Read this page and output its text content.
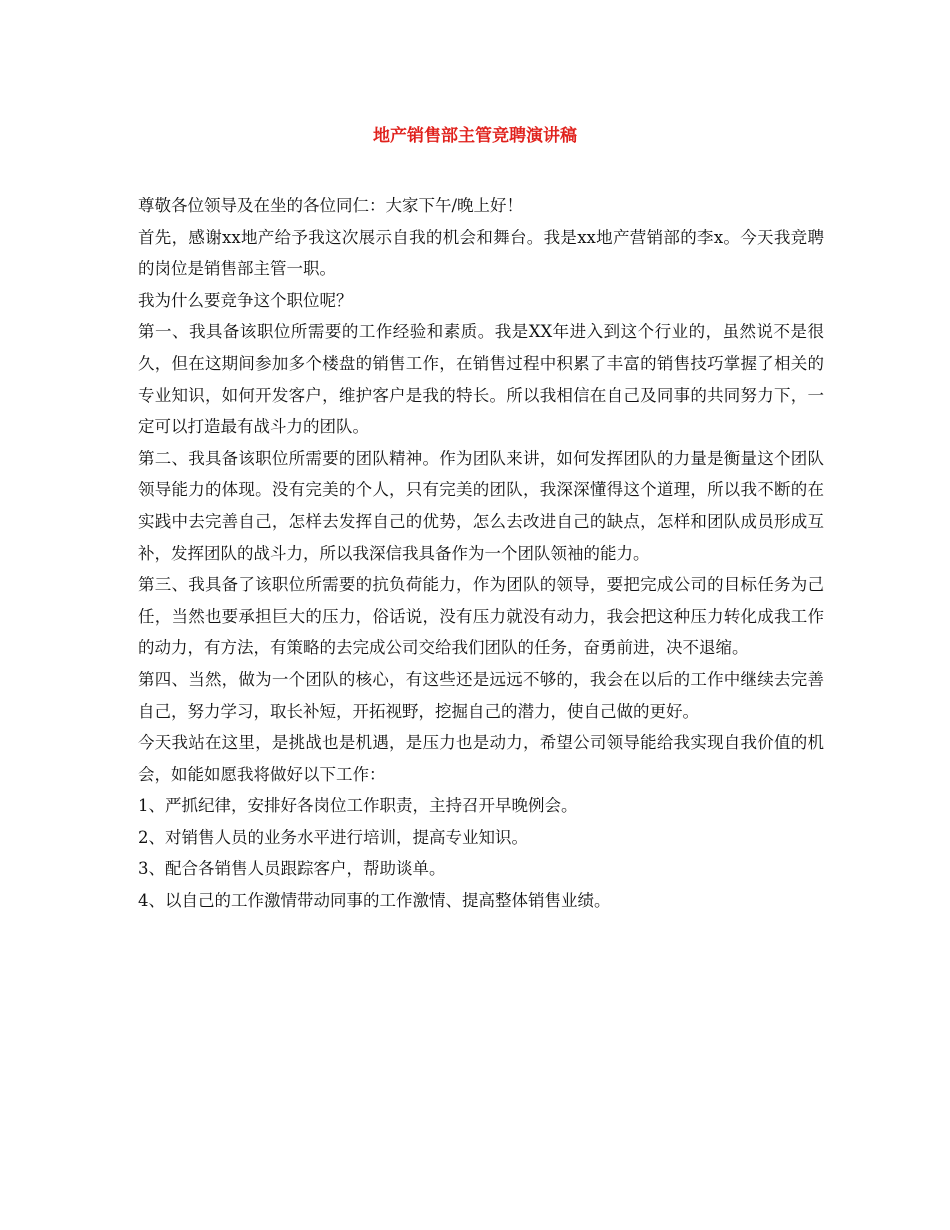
地产销售部主管竞聘演讲稿

尊敬各位领导及在坐的各位同仁：大家下午/晚上好！

首先，感谢xx地产给予我这次展示自我的机会和舞台。我是xx地产营销部的李x。今天我竞聘的岗位是销售部主管一职。

我为什么要竞争这个职位呢？

第一、我具备该职位所需要的工作经验和素质。我是XX年进入到这个行业的，虽然说不是很久，但在这期间参加多个楼盘的销售工作，在销售过程中积累了丰富的销售技巧掌握了相关的专业知识，如何开发客户，维护客户是我的特长。所以我相信在自己及同事的共同努力下，一定可以打造最有战斗力的团队。

第二、我具备该职位所需要的团队精神。作为团队来讲，如何发挥团队的力量是衡量这个团队领导能力的体现。没有完美的个人，只有完美的团队，我深深懂得这个道理，所以我不断的在实践中去完善自己，怎样去发挥自己的优势，怎么去改进自己的缺点，怎样和团队成员形成互补，发挥团队的战斗力，所以我深信我具备作为一个团队领袖的能力。

第三、我具备了该职位所需要的抗负荷能力，作为团队的领导，要把完成公司的目标任务为己任，当然也要承担巨大的压力，俗话说，没有压力就没有动力，我会把这种压力转化成我工作的动力，有方法，有策略的去完成公司交给我们团队的任务，奋勇前进，决不退缩。

第四、当然，做为一个团队的核心，有这些还是远远不够的，我会在以后的工作中继续去完善自己，努力学习，取长补短，开拓视野，挖掘自己的潜力，使自己做的更好。

今天我站在这里，是挑战也是机遇，是压力也是动力，希望公司领导能给我实现自我价值的机会，如能如愿我将做好以下工作：

1、严抓纪律，安排好各岗位工作职责，主持召开早晚例会。

2、对销售人员的业务水平进行培训，提高专业知识。

3、配合各销售人员跟踪客户，帮助谈单。

4、以自己的工作激情带动同事的工作激情、提高整体销售业绩。
